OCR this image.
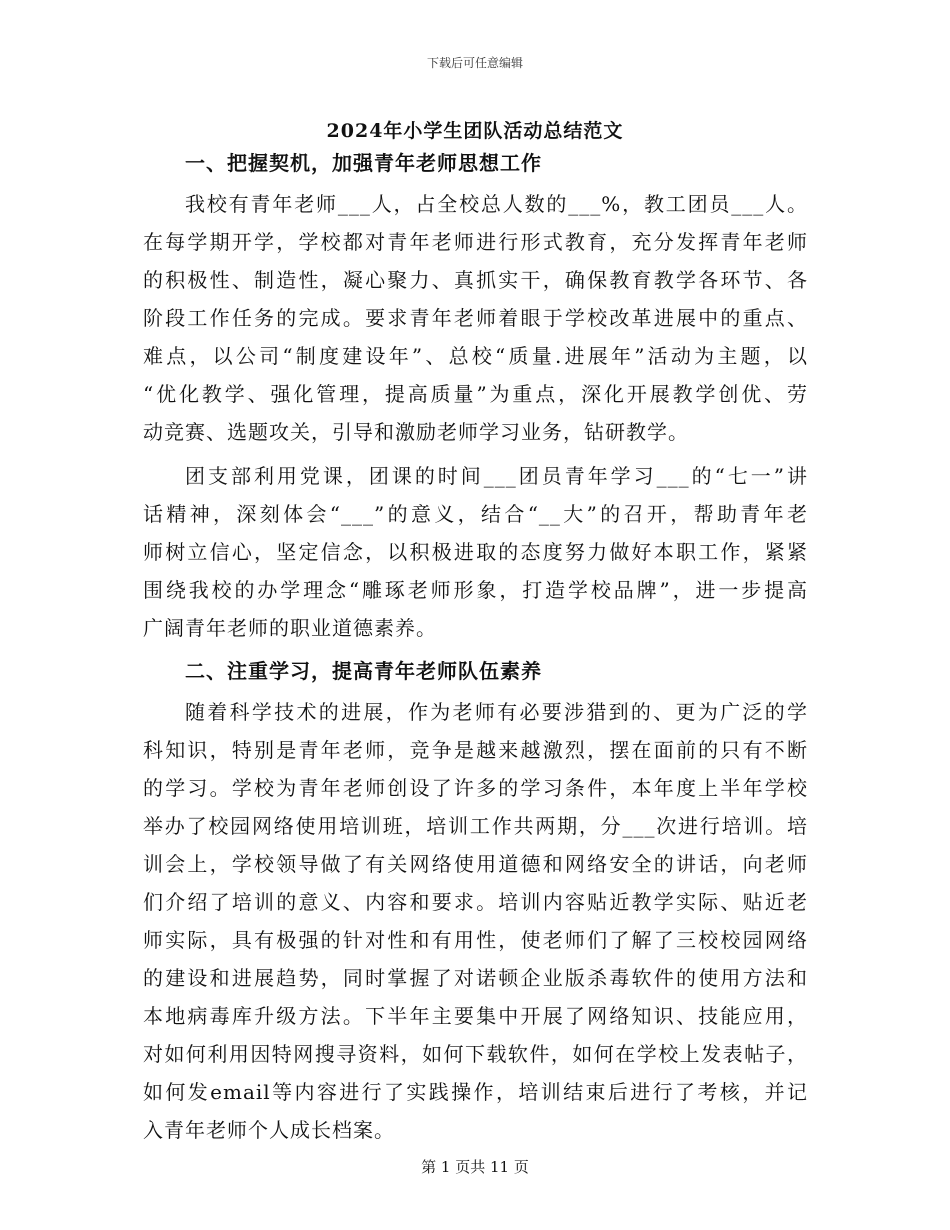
下载后可任意编辑
2024年小学生团队活动总结范文
一、把握契机，加强青年老师思想工作
我校有青年老师___人，占全校总人数的___%，教工团员___人。
在每学期开学，学校都对青年老师进行形式教育，充分发挥青年老师
的积极性、制造性，凝心聚力、真抓实干，确保教育教学各环节、各
阶段工作任务的完成。要求青年老师着眼于学校改革进展中的重点、
难点，以公司“制度建设年”、总校“质量.进展年”活动为主题，以
“优化教学、强化管理，提高质量”为重点，深化开展教学创优、劳
动竞赛、选题攻关，引导和激励老师学习业务，钻研教学。
团支部利用党课，团课的时间___团员青年学习___的“七一”讲
话精神，深刻体会“___”的意义，结合“__大”的召开，帮助青年老
师树立信心，坚定信念，以积极进取的态度努力做好本职工作，紧紧
围绕我校的办学理念“雕琢老师形象，打造学校品牌”，进一步提高
广阔青年老师的职业道德素养。
二、注重学习，提高青年老师队伍素养
随着科学技术的进展，作为老师有必要涉猎到的、更为广泛的学
科知识，特别是青年老师，竞争是越来越激烈，摆在面前的只有不断
的学习。学校为青年老师创设了许多的学习条件，本年度上半年学校
举办了校园网络使用培训班，培训工作共两期，分___次进行培训。培
训会上，学校领导做了有关网络使用道德和网络安全的讲话，向老师
们介绍了培训的意义、内容和要求。培训内容贴近教学实际、贴近老
师实际，具有极强的针对性和有用性，使老师们了解了三校校园网络
的建设和进展趋势，同时掌握了对诺顿企业版杀毒软件的使用方法和
本地病毒库升级方法。下半年主要集中开展了网络知识、技能应用，
对如何利用因特网搜寻资料，如何下载软件，如何在学校上发表帖子，
如何发email等内容进行了实践操作，培训结束后进行了考核，并记
入青年老师个人成长档案。
第 1 页共 11 页
